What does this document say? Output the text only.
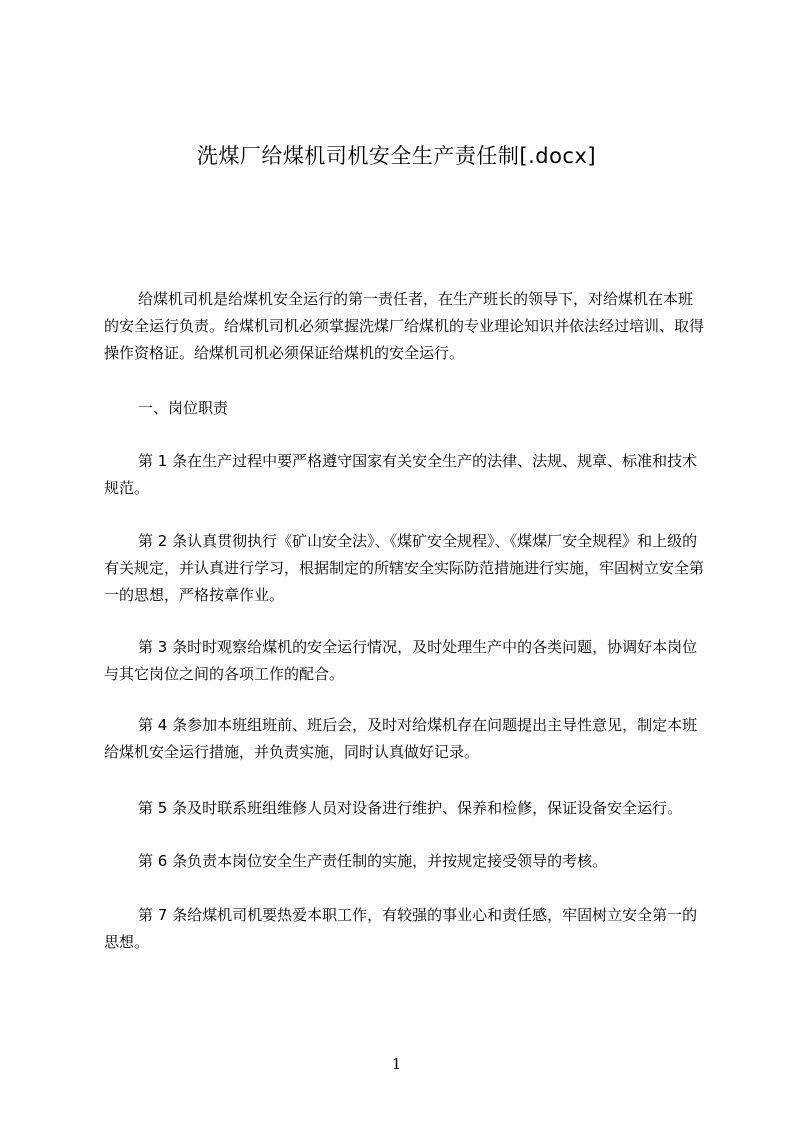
洗煤厂给煤机司机安全生产责任制[.docx]

给煤机司机是给煤机安全运行的第一责任者，在生产班长的领导下，对给煤机在本班的安全运行负责。给煤机司机必须掌握洗煤厂给煤机的专业理论知识并依法经过培训、取得操作资格证。给煤机司机必须保证给煤机的安全运行。

一、岗位职责

第 1 条在生产过程中要严格遵守国家有关安全生产的法律、法规、规章、标准和技术规范。

第 2 条认真贯彻执行《矿山安全法》、《煤矿安全规程》、《煤煤厂安全规程》和上级的有关规定，并认真进行学习，根据制定的所辖安全实际防范措施进行实施，牢固树立安全第一的思想，严格按章作业。

第 3 条时时观察给煤机的安全运行情况，及时处理生产中的各类问题，协调好本岗位与其它岗位之间的各项工作的配合。

第 4 条参加本班组班前、班后会，及时对给煤机存在问题提出主导性意见，制定本班给煤机安全运行措施，并负责实施，同时认真做好记录。

第 5 条及时联系班组维修人员对设备进行维护、保养和检修，保证设备安全运行。

第 6 条负责本岗位安全生产责任制的实施，并按规定接受领导的考核。

第 7 条给煤机司机要热爱本职工作，有较强的事业心和责任感，牢固树立安全第一的思想。

1
